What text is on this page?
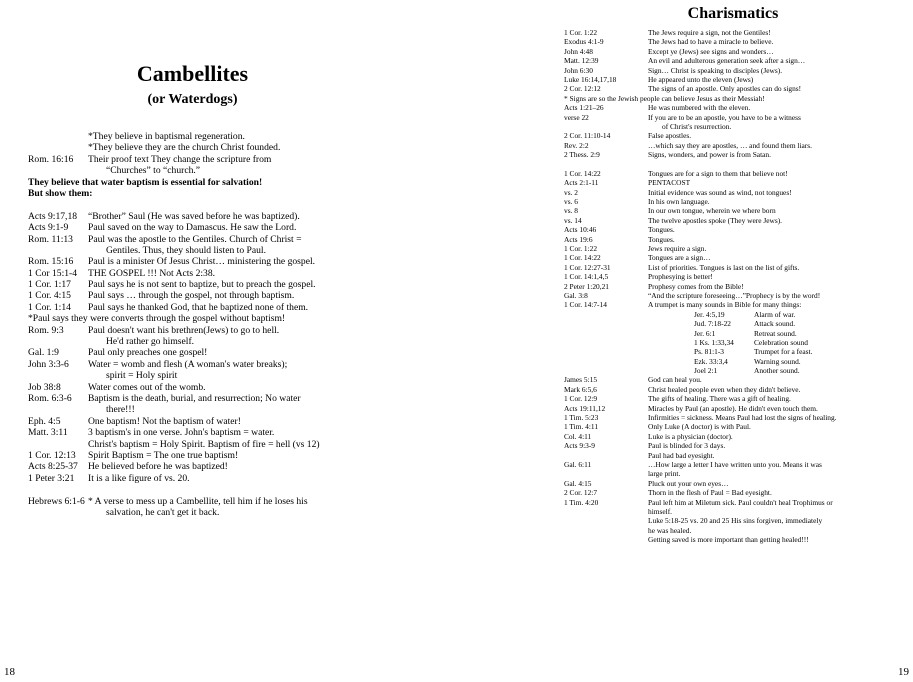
Cambellites
(or Waterdogs)
*They believe in baptismal regeneration.
*They believe they are the church Christ founded.
Rom. 16:16 Their proof text They change the scripture from
“Churches” to “church.”
They believe that water baptism is essential for salvation!
But show them:
Acts 9:17,18 “Brother” Saul (He was saved before he was baptized).
Acts 9:1-9 Paul saved on the way to Damascus. He saw the Lord.
Rom. 11:13 Paul was the apostle to the Gentiles. Church of Christ =
Gentiles. Thus, they should listen to Paul.
Rom. 15:16 Paul is a minister Of Jesus Christ… ministering the gospel.
1 Cor 15:1-4 THE GOSPEL !!! Not Acts 2:38.
1 Cor. 1:17 Paul says he is not sent to baptize, but to preach the gospel.
1 Cor. 4:15 Paul says … through the gospel, not through baptism.
1 Cor. 1:14 Paul says he thanked God, that he baptized none of them.
*Paul says they were converts through the gospel without baptism!
Rom. 9:3	Paul doesn't want his brethren(Jews) to go to hell.
He'd rather go himself.
Gal. 1:9	Paul only preaches one gospel!
John 3:3-6 Water = womb and flesh (A woman's water breaks);
spirit = Holy spirit
Job 38:8	Water comes out of the womb.
Rom. 6:3-6 Baptism is the death, burial, and resurrection; No water
there!!!
Eph. 4:5	One baptism! Not the baptism of water!
Matt. 3:11 3 baptism's in one verse. John's baptism = water.
Christ's baptism = Holy Spirit. Baptism of fire = hell (vs 12)
1 Cor. 12:13 Spirit Baptism = The one true baptism!
Acts 8:25-37 He believed before he was baptized!
1 Peter 3:21 It is a like figure of vs. 20.
Hebrews 6:1-6 * A verse to mess up a Cambellite, tell him if he loses his
salvation, he can't get it back.
18
Charismatics
1 Cor. 1:22	The Jews require a sign, not the Gentiles!
Exodus 4:1-9	The Jews had to have a miracle to believe.
John 4:48	Except ye (Jews) see signs and wonders…
Matt. 12:39	An evil and adulterous generation seek after a sign…
John 6:30	Sign… Christ is speaking to disciples (Jews).
Luke 16:14,17,18	He appeared unto the eleven (Jews)
2 Cor. 12:12	The signs of an apostle. Only apostles can do signs!
* Signs are so the Jewish people can believe Jesus as their Messiah!
Acts 1:21–26	He was numbered with the eleven.
verse 22	If you are to be an apostle, you have to be a witness
of Christ's resurrection.
2 Cor. 11:10-14	False apostles.
Rev. 2:2	…which say they are apostles, … and found them liars.
2 Thess. 2:9	Signs, wonders, and power is from Satan.
1 Cor. 14:22	Tongues are for a sign to them that believe not!
Acts 2:1-11	PENTACOST
vs. 2	Initial evidence was sound as wind, not tongues!
vs. 6	In his own language.
vs. 8	In our own tongue, wherein we where born
vs. 14	The twelve apostles spoke (They were Jews).
Acts 10:46	Tongues.
Acts 19:6	Tongues.
1 Cor. 1:22	Jews require a sign.
1 Cor. 14:22	Tongues are a sign…
1 Cor. 12:27-31	List of priorities. Tongues is last on the list of gifts.
1 Cor. 14:1,4,5	Prophesying is better!
2 Peter 1:20,21	Prophesy comes from the Bible!
Gal. 3:8	“And the scripture foreseeing…”Prophecy is by the word!
1 Cor. 14:7-14	A trumpet is many sounds in Bible for many things:
Jer. 4:5,19	Alarm of war.
Jud. 7:18-22	Attack sound.
Jer. 6:1	Retreat sound.
1 Ks. 1:33,34	Celebration sound
Ps. 81:1-3	Trumpet for a feast.
Ezk. 33:3,4	Warning sound.
Joel 2:1	Another sound.
James 5:15	God can heal you.
Mark 6:5,6	Christ healed people even when they didn't believe.
1 Cor. 12:9	The gifts of healing. There was a gift of healing.
Acts 19:11,12	Miracles by Paul (an apostle). He didn't even touch them.
1 Tim. 5:23	Infirmities = sickness. Means Paul had lost the signs of healing.
1 Tim. 4:11	Only Luke (A doctor) is with Paul.
Col. 4:11	Luke is a physician (doctor).
Acts 9:3-9	Paul is blinded for 3 days.
Paul had bad eyesight.
Gal. 6:11	…How large a letter I have written unto you. Means it was
large print.
Gal. 4:15	Pluck out your own eyes…
2 Cor. 12:7	Thorn in the flesh of Paul = Bad eyesight.
1 Tim. 4:20	Paul left him at Miletum sick. Paul couldn't heal Trophimus or
himself.
Luke 5:18-25 vs. 20 and 25 His sins forgiven, immediately
he was healed.
Getting saved is more important than getting healed!!!
19
